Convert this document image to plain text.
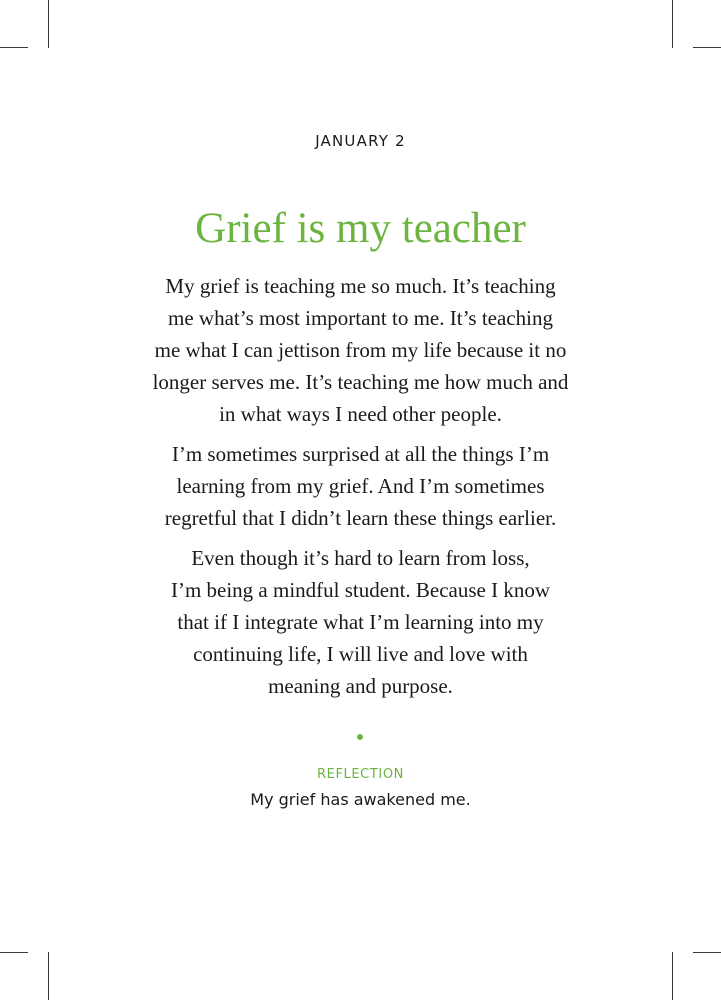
JANUARY 2
Grief is my teacher

My grief is teaching me so much. It’s teaching
me what’s most important to me. It’s teaching
me what I can jettison from my life because it no
longer serves me. It’s teaching me how much and
in what ways I need other people.

I’m sometimes surprised at all the things I’m
learning from my grief. And I’m sometimes
regretful that I didn’t learn these things earlier.

Even though it’s hard to learn from loss,
I’m being a mindful student. Because I know
that if I integrate what I’m learning into my
continuing life, I will live and love with
meaning and purpose.

REFLECTION
My grief has awakened me.
